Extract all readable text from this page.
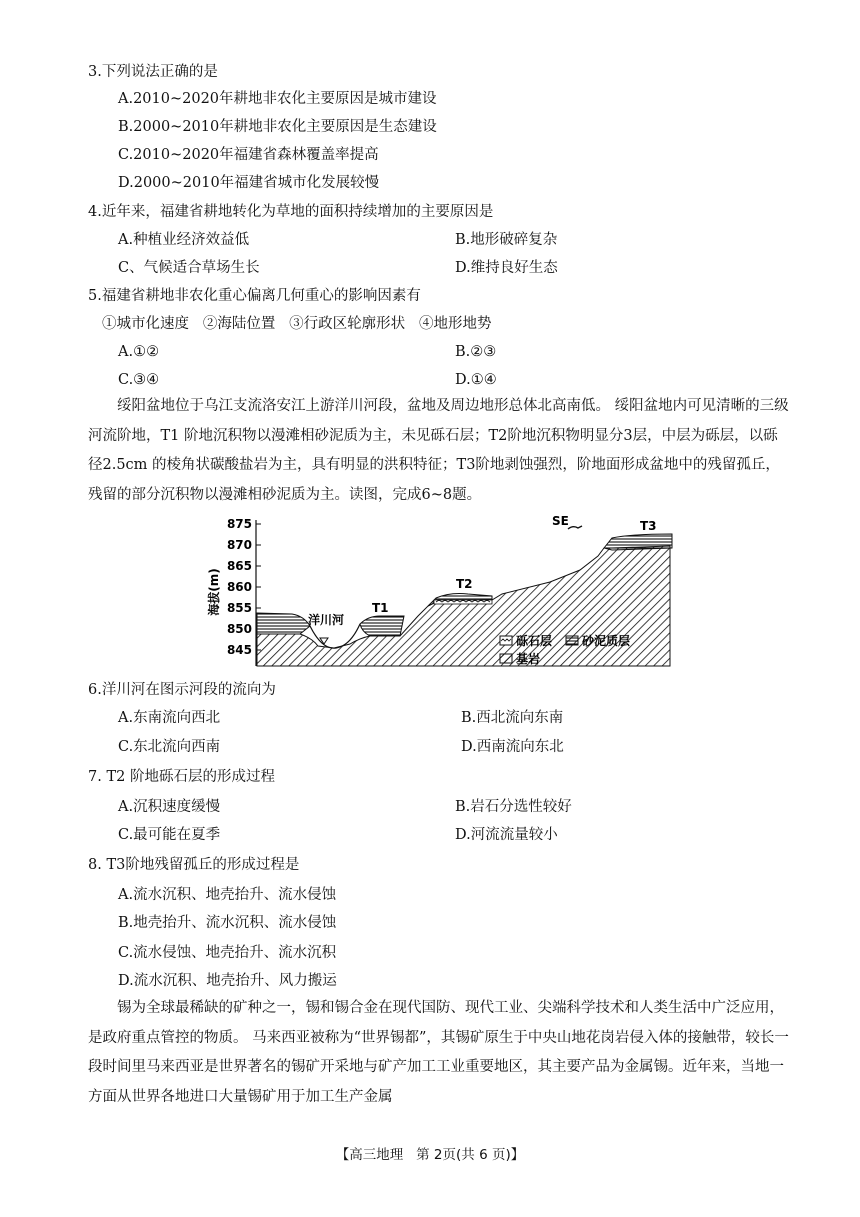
3.下列说法正确的是
A.2010~2020年耕地非农化主要原因是城市建设
B.2000~2010年耕地非农化主要原因是生态建设
C.2010~2020年福建省森林覆盖率提高
D.2000~2010年福建省城市化发展较慢
4.近年来，福建省耕地转化为草地的面积持续增加的主要原因是
A.种植业经济效益低	B.地形破碎复杂
C、气候适合草场生长	D.维持良好生态
5.福建省耕地非农化重心偏离几何重心的影响因素有
①城市化速度   ②海陆位置   ③行政区轮廓形状   ④地形地势
A.①②	B.②③
C.③④	D.①④
绥阳盆地位于乌江支流洛安江上游洋川河段，盆地及周边地形总体北高南低。 绥阳盆地内可见清晰的三级河流阶地，T1 阶地沉积物以漫滩相砂泥质为主，未见砾石层；T2阶地沉积物明显分3层，中层为砾层，以砾径2.5cm 的棱角状碳酸盐岩为主，具有明显的洪积特征；T3阶地剥蚀强烈，阶地面形成盆地中的残留孤丘，残留的部分沉积物以漫滩相砂泥质为主。读图，完成6~8题。
875
870
865
860
855
850
845
海拔(m)
洋川河
T1
T2
T3
SE
砾石层 砂泥质层
基岩
6.洋川河在图示河段的流向为
A.东南流向西北	B.西北流向东南
C.东北流向西南	D.西南流向东北
7. T2 阶地砾石层的形成过程
A.沉积速度缓慢	B.岩石分选性较好
C.最可能在夏季	D.河流流量较小
8. T3阶地残留孤丘的形成过程是
A.流水沉积、地壳抬升、流水侵蚀
B.地壳抬升、流水沉积、流水侵蚀
C.流水侵蚀、地壳抬升、流水沉积
D.流水沉积、地壳抬升、风力搬运
锡为全球最稀缺的矿种之一，锡和锡合金在现代国防、现代工业、尖端科学技术和人类生活中广泛应用，是政府重点管控的物质。 马来西亚被称为“世界锡都”，其锡矿原生于中央山地花岗岩侵入体的接触带，较长一段时间里马来西亚是世界著名的锡矿开采地与矿产加工工业重要地区，其主要产品为金属锡。近年来，当地一方面从世界各地进口大量锡矿用于加工生产金属
【高三地理   第 2页(共 6 页)】
